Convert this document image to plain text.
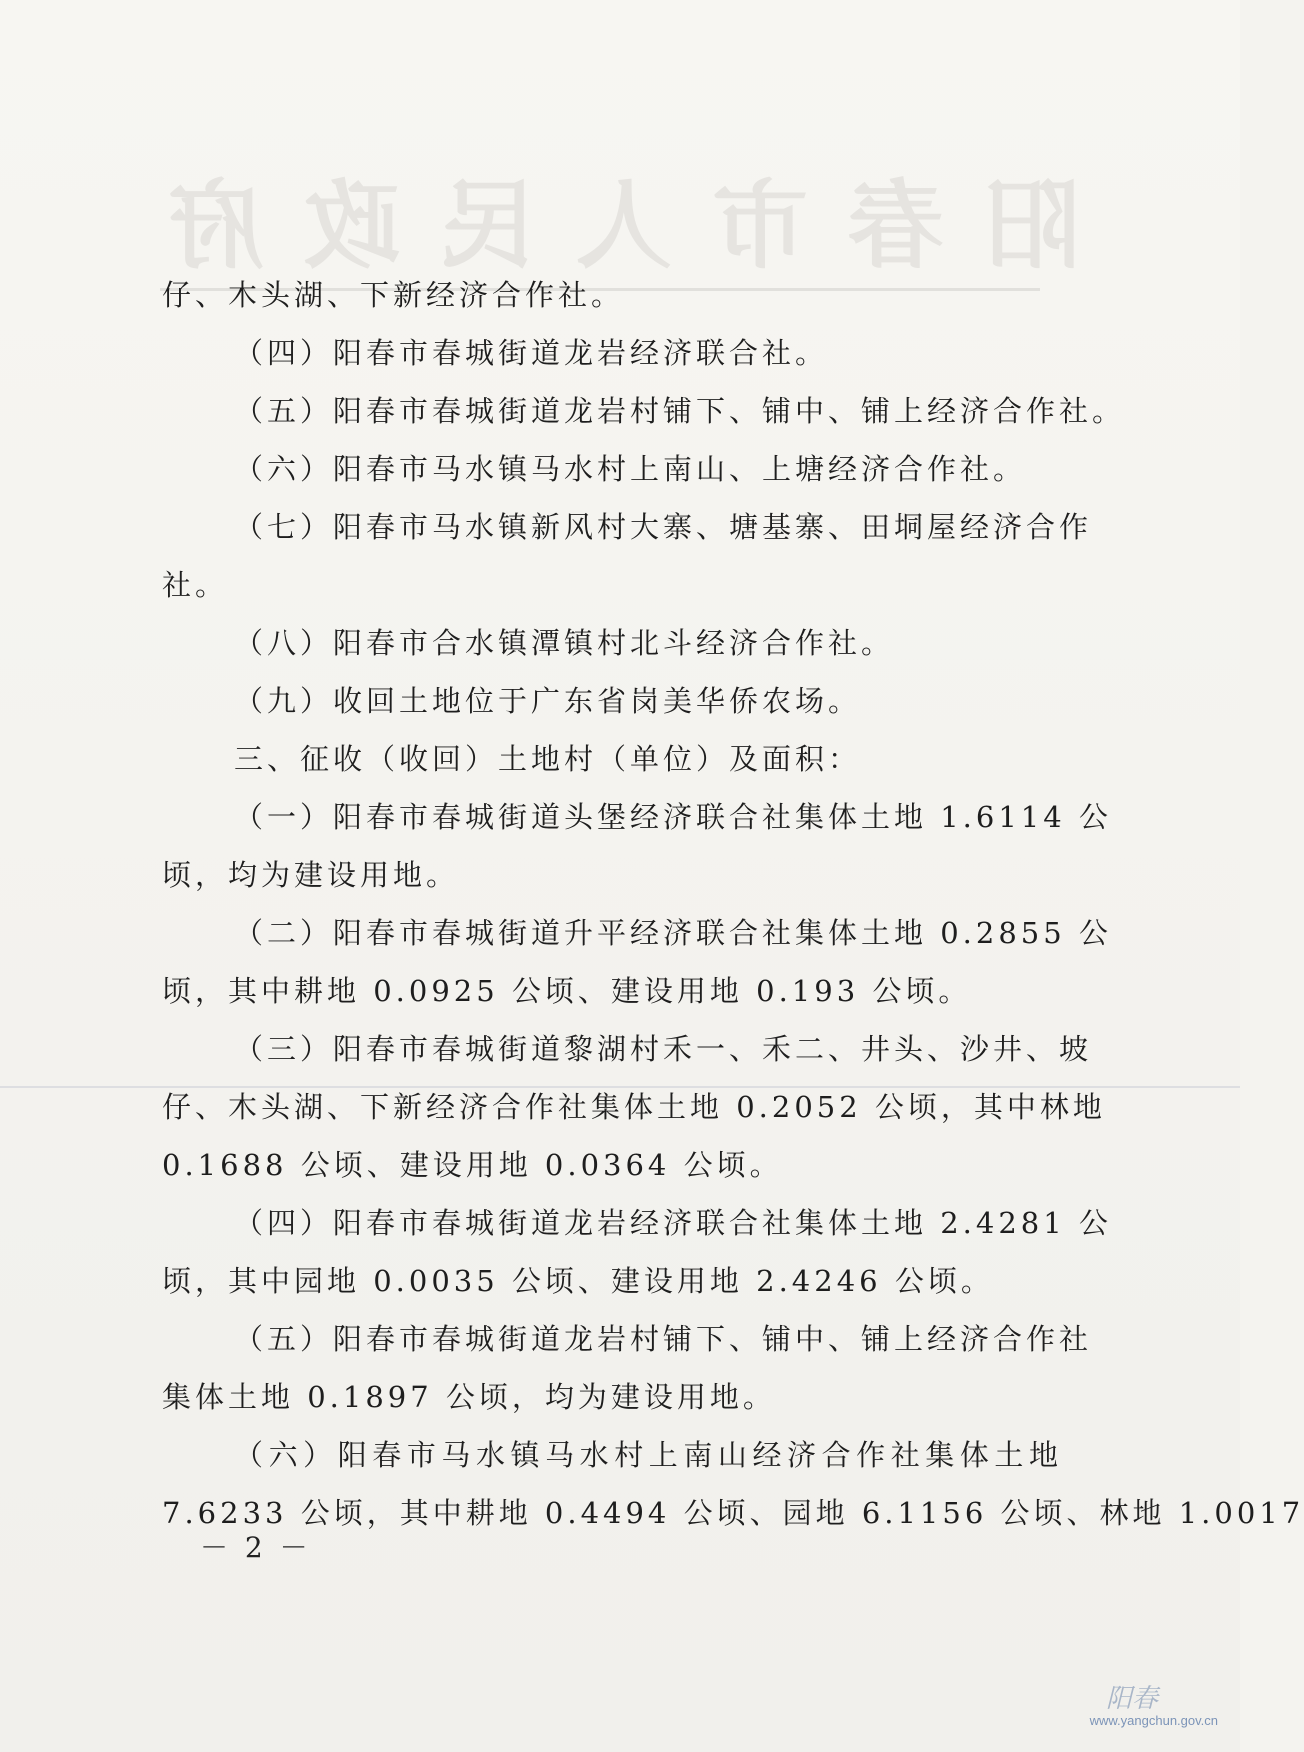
阳春市人民政府
仔、木头湖、下新经济合作社。
（四）阳春市春城街道龙岩经济联合社。
（五）阳春市春城街道龙岩村铺下、铺中、铺上经济合作社。
（六）阳春市马水镇马水村上南山、上塘经济合作社。
（七）阳春市马水镇新风村大寨、塘基寨、田垌屋经济合作
社。
（八）阳春市合水镇潭镇村北斗经济合作社。
（九）收回土地位于广东省岗美华侨农场。
三、征收（收回）土地村（单位）及面积：
（一）阳春市春城街道头堡经济联合社集体土地 1.6114 公
顷，均为建设用地。
（二）阳春市春城街道升平经济联合社集体土地 0.2855 公
顷，其中耕地 0.0925 公顷、建设用地 0.193 公顷。
（三）阳春市春城街道黎湖村禾一、禾二、井头、沙井、坡
仔、木头湖、下新经济合作社集体土地 0.2052 公顷，其中林地
0.1688 公顷、建设用地 0.0364 公顷。
（四）阳春市春城街道龙岩经济联合社集体土地 2.4281 公
顷，其中园地 0.0035 公顷、建设用地 2.4246 公顷。
（五）阳春市春城街道龙岩村铺下、铺中、铺上经济合作社
集体土地 0.1897 公顷，均为建设用地。
（六）阳春市马水镇马水村上南山经济合作社集体土地
7.6233 公顷，其中耕地 0.4494 公顷、园地 6.1156 公顷、林地 1.0017
－ 2 －
阳春
www.yangchun.gov.cn
